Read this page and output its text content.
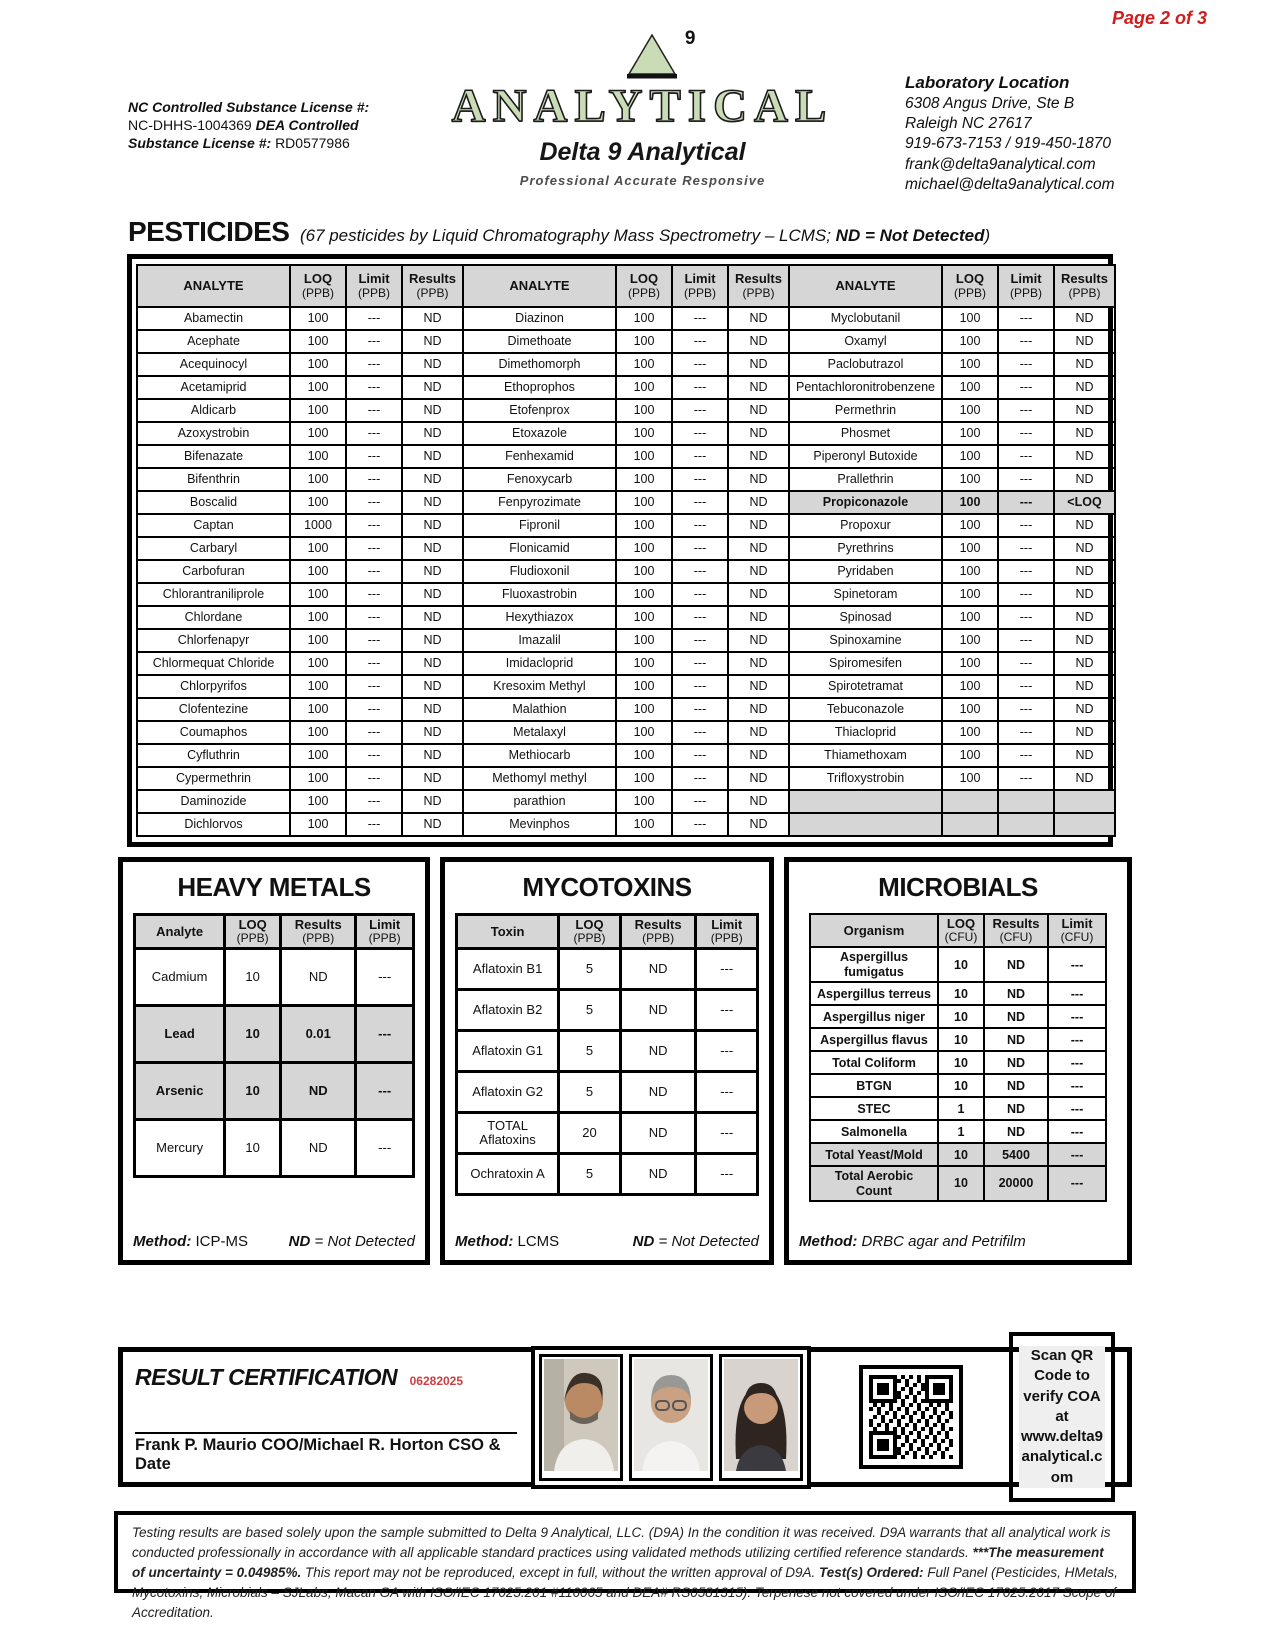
Page 2 of 3
NC Controlled Substance License #:
NC-DHHS-1004369 DEA Controlled
Substance License #: RD0577986
9
ANALYTICAL
Delta 9 Analytical
Professional Accurate Responsive
Laboratory Location
6308 Angus Drive, Ste B
Raleigh NC 27617
919-673-7153 / 919-450-1870
frank@delta9analytical.com
michael@delta9analytical.com
PESTICIDES (67 pesticides by Liquid Chromatography Mass Spectrometry – LCMS; ND = Not Detected)
ANALYTE	LOQ
(PPB)

Limit
(PPB)

Results
(PPB)	ANALYTE	LOQ
(PPB)

Limit
(PPB)

Results
(PPB)	ANALYTE	LOQ
(PPB)

Limit
(PPB)

Results
(PPB)

Abamectin	100	---	ND	Diazinon	100	---	ND	Myclobutanil	100	---	ND
Acephate	100	---	ND	Dimethoate	100	---	ND	Oxamyl	100	---	ND
Acequinocyl	100	---	ND	Dimethomorph	100	---	ND	Paclobutrazol	100	---	ND
Acetamiprid	100	---	ND	Ethoprophos	100	---	ND	Pentachloronitrobenzene	100	---	ND
Aldicarb	100	---	ND	Etofenprox	100	---	ND	Permethrin	100	---	ND
Azoxystrobin	100	---	ND	Etoxazole	100	---	ND	Phosmet	100	---	ND
Bifenazate	100	---	ND	Fenhexamid	100	---	ND	Piperonyl Butoxide	100	---	ND
Bifenthrin	100	---	ND	Fenoxycarb	100	---	ND	Prallethrin	100	---	ND
Boscalid	100	---	ND	Fenpyrozimate	100	---	ND	Propiconazole	100	---	<LOQ
Captan	1000	---	ND	Fipronil	100	---	ND	Propoxur	100	---	ND
Carbaryl	100	---	ND	Flonicamid	100	---	ND	Pyrethrins	100	---	ND
Carbofuran	100	---	ND	Fludioxonil	100	---	ND	Pyridaben	100	---	ND
Chlorantraniliprole	100	---	ND	Fluoxastrobin	100	---	ND	Spinetoram	100	---	ND
Chlordane	100	---	ND	Hexythiazox	100	---	ND	Spinosad	100	---	ND
Chlorfenapyr	100	---	ND	Imazalil	100	---	ND	Spinoxamine	100	---	ND
Chlormequat Chloride	100	---	ND	Imidacloprid	100	---	ND	Spiromesifen	100	---	ND
Chlorpyrifos	100	---	ND	Kresoxim Methyl	100	---	ND	Spirotetramat	100	---	ND
Clofentezine	100	---	ND	Malathion	100	---	ND	Tebuconazole	100	---	ND
Coumaphos	100	---	ND	Metalaxyl	100	---	ND	Thiacloprid	100	---	ND
Cyfluthrin	100	---	ND	Methiocarb	100	---	ND	Thiamethoxam	100	---	ND
Cypermethrin	100	---	ND	Methomyl methyl	100	---	ND	Trifloxystrobin	100	---	ND
Daminozide	100	---	ND	parathion	100	---	ND				
Dichlorvos	100	---	ND	Mevinphos	100	---	ND				
HEAVY METALS
Analyte	LOQ
(PPB)

Results
(PPB)

Limit
(PPB)

Cadmium	10	ND	---
Lead	10	0.01	---
Arsenic	10	ND	---
Mercury	10	ND	---
Method: ICP-MS	ND = Not Detected
MYCOTOXINS
Toxin	LOQ
(PPB)

Results
(PPB)

Limit
(PPB)

Aflatoxin B1	5	ND	---
Aflatoxin B2	5	ND	---
Aflatoxin G1	5	ND	---
Aflatoxin G2	5	ND	---
TOTAL Aflatoxins	20	ND	---
Ochratoxin A	5	ND	---
Method: LCMS	ND = Not Detected
MICROBIALS
Organism	LOQ
(CFU)

Results
(CFU)

Limit
(CFU)

Aspergillus fumigatus	10	ND	---
Aspergillus terreus	10	ND	---
Aspergillus niger	10	ND	---
Aspergillus flavus	10	ND	---
Total Coliform	10	ND	---
BTGN	10	ND	---
STEC	1	ND	---
Salmonella	1	ND	---
Total Yeast/Mold	10	5400	---
Total Aerobic Count	10	20000	---
Method: DRBC agar and Petrifilm
RESULT CERTIFICATION 06282025
Frank P. Maurio COO/Michael R. Horton CSO & Date
Scan QR Code to verify COA at www.delta9analytical.com

Testing results are based solely upon the sample submitted to Delta 9 Analytical, LLC. (D9A) In the condition it was received. D9A warrants that all analytical work is conducted professionally in accordance with all applicable standard practices using validated methods utilizing certified reference standards. ***The measurement of uncertainty = 0.04985%. This report may not be reproduced, except in full, without the written approval of D9A. Test(s) Ordered: Full Panel (Pesticides, HMetals, Mycotoxins, Microbials – SJLabs, Macan GA with ISO/IEC 17025:201 #116065 and DEA# RS0581315). Terpenese not covered under ISO/IEC 17025:2017 Scope of Accreditation.
